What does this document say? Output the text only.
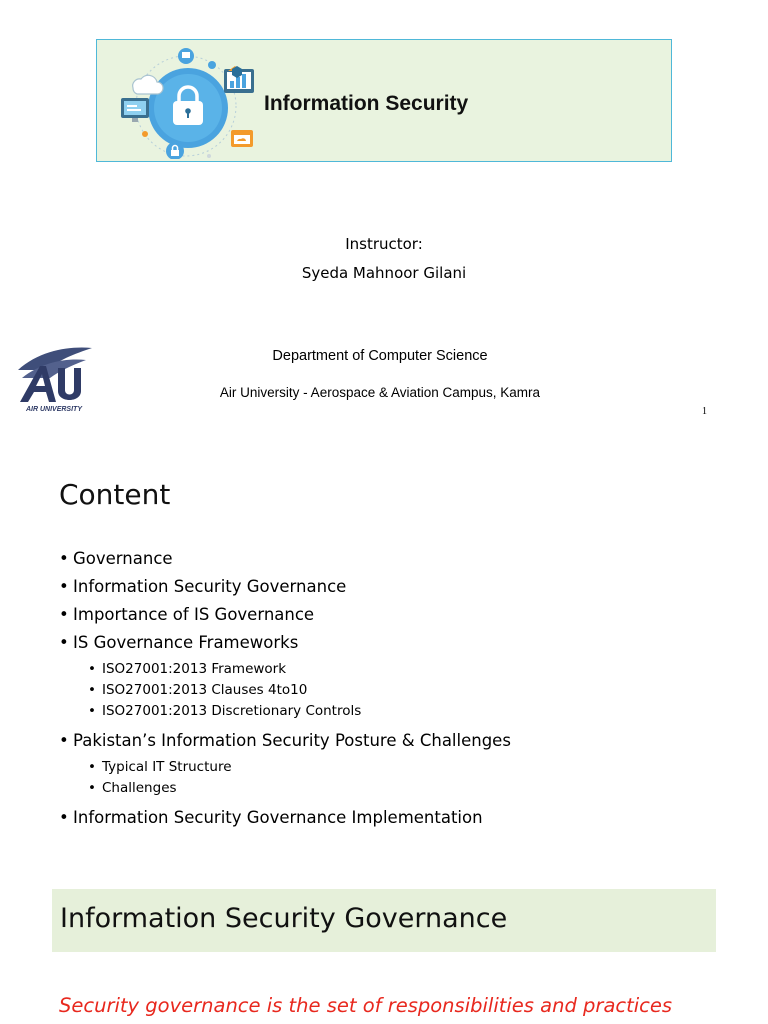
Information Security
Instructor:
Syeda Mahnoor Gilani
AIR UNIVERSITY
Department of Computer Science
Air University - Aerospace & Aviation Campus, Kamra
1
Content
• Governance
• Information Security Governance
• Importance of IS Governance
• IS Governance Frameworks
• ISO27001:2013 Framework
• ISO27001:2013 Clauses 4to10
• ISO27001:2013 Discretionary Controls
• Pakistan’s Information Security Posture & Challenges
• Typical IT Structure
• Challenges
• Information Security Governance Implementation
Information Security Governance
Security governance is the set of responsibilities and practices
